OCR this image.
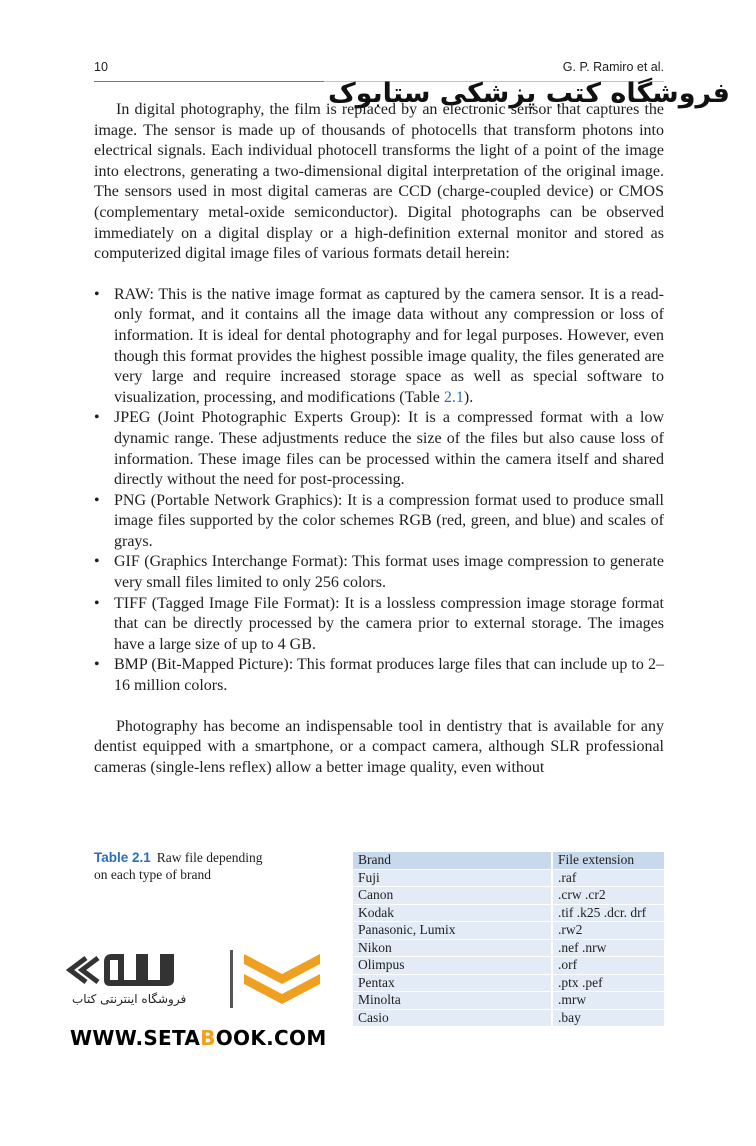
10	G. P. Ramiro et al.
فروشگاه کتب پزشکی ستابوک

In digital photography, the film is replaced by an electronic sensor that captures the image. The sensor is made up of thousands of photocells that transform photons into electrical signals. Each individual photocell transforms the light of a point of the image into electrons, generating a two-dimensional digital interpretation of the original image. The sensors used in most digital cameras are CCD (charge-coupled device) or CMOS (complementary metal-oxide semiconductor). Digital photographs can be observed immediately on a digital display or a high-definition external monitor and stored as computerized digital image files of various formats detail herein:

• RAW: This is the native image format as captured by the camera sensor. It is a read-only format, and it contains all the image data without any compression or loss of information. It is ideal for dental photography and for legal purposes. However, even though this format provides the highest possible image quality, the files generated are very large and require increased storage space as well as special software to visualization, processing, and modifications (Table 2.1).
• JPEG (Joint Photographic Experts Group): It is a compressed format with a low dynamic range. These adjustments reduce the size of the files but also cause loss of information. These image files can be processed within the camera itself and shared directly without the need for post-processing.
• PNG (Portable Network Graphics): It is a compression format used to produce small image files supported by the color schemes RGB (red, green, and blue) and scales of grays.
• GIF (Graphics Interchange Format): This format uses image compression to generate very small files limited to only 256 colors.
• TIFF (Tagged Image File Format): It is a lossless compression image storage format that can be directly processed by the camera prior to external storage. The images have a large size of up to 4 GB.
• BMP (Bit-Mapped Picture): This format produces large files that can include up to 2–16 million colors.

Photography has become an indispensable tool in dentistry that is available for any dentist equipped with a smartphone, or a compact camera, although SLR professional cameras (single-lens reflex) allow a better image quality, even without

Table 2.1 Raw file depending on each type of brand
Brand	File extension
Fuji	.raf
Canon	.crw .cr2
Kodak	.tif .k25 .dcr. drf
Panasonic, Lumix	.rw2
Nikon	.nef .nrw
Olimpus	.orf
Pentax	.ptx .pef
Minolta	.mrw
Casio	.bay
فروشگاه اینترنتی کتاب
WWW.SETABOOK.COM
